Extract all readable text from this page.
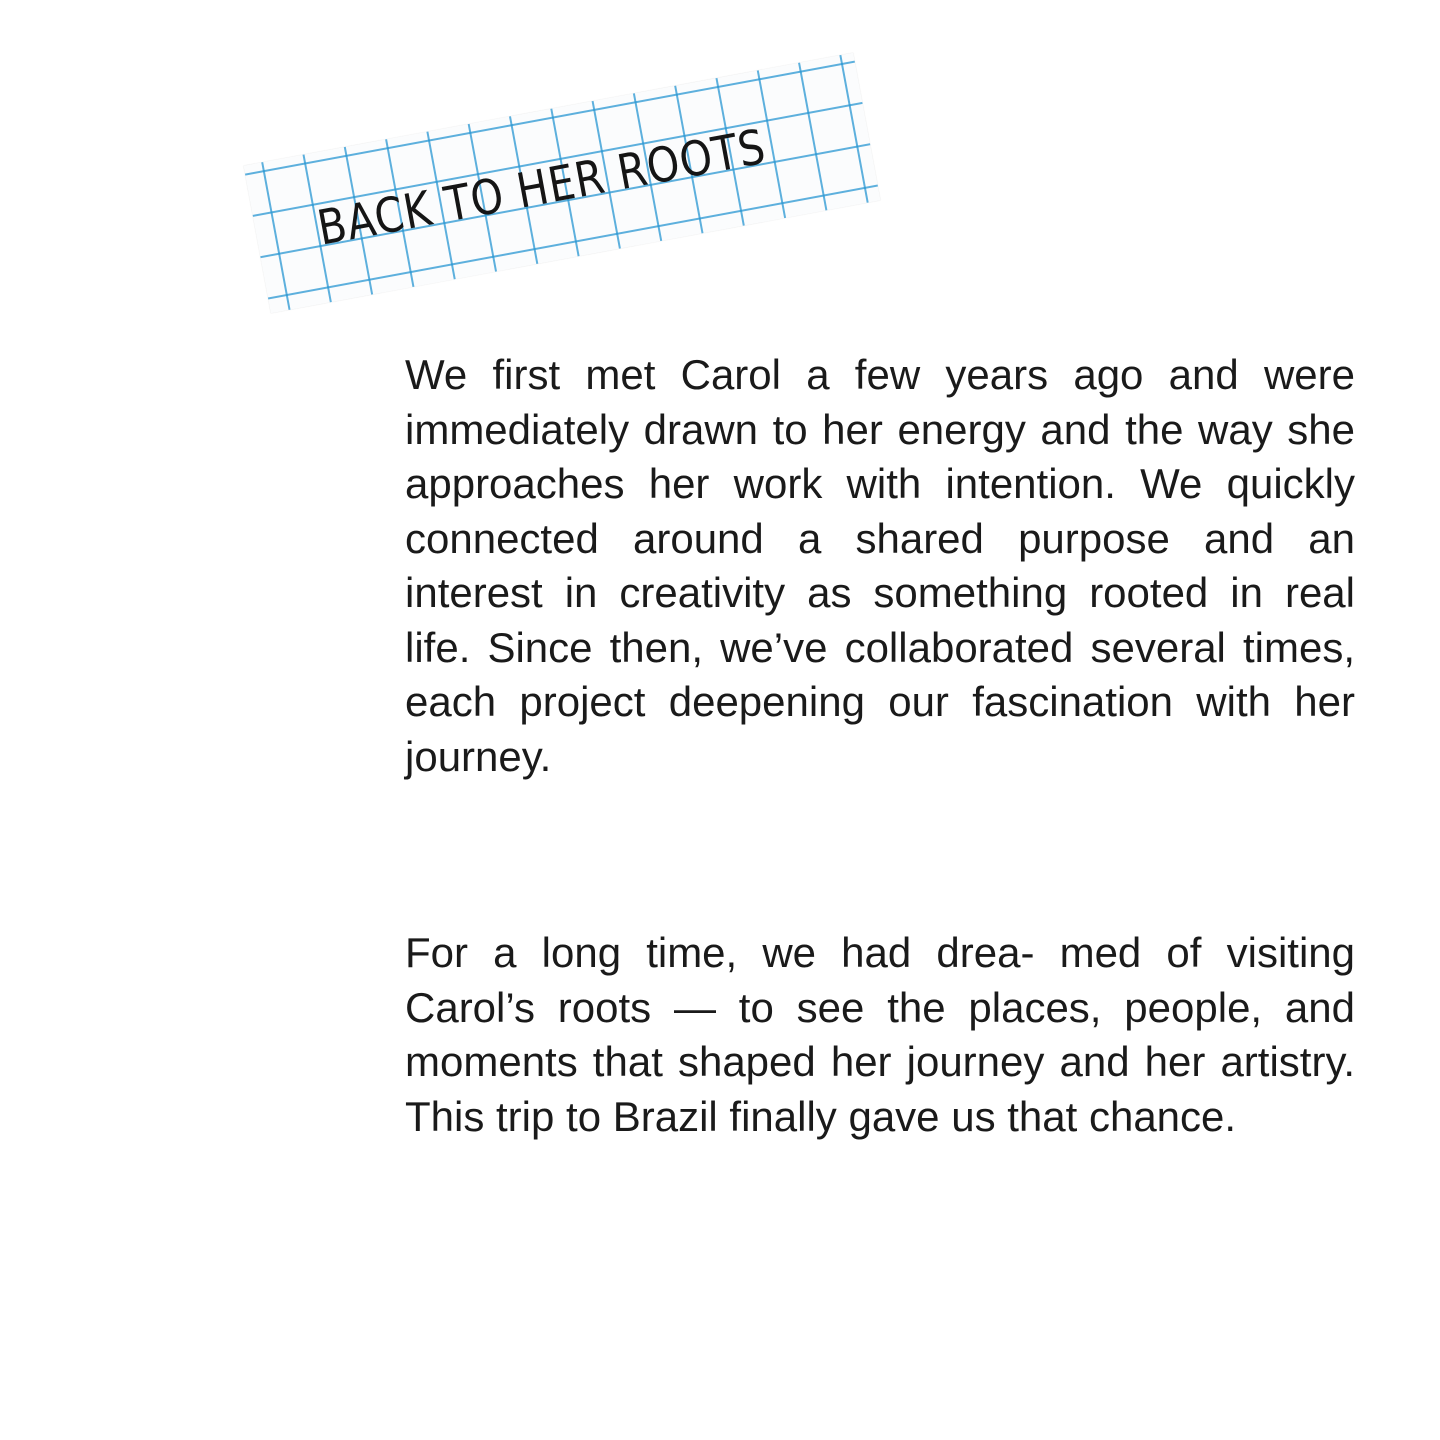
BACK TO HER ROOTS

We first met Carol a few years ago and were immediately drawn to her energy and the way she approaches her work with intention. We quickly connected around a shared purpose and an interest in creativity as something rooted in real life. Since then, we’ve collaborated several times, each project deepening our fascination with her journey.

For a long time, we had drea- med of visiting Carol’s roots — to see the places, people, and moments that shaped her journey and her artistry. This trip to Brazil finally gave us that chance.
